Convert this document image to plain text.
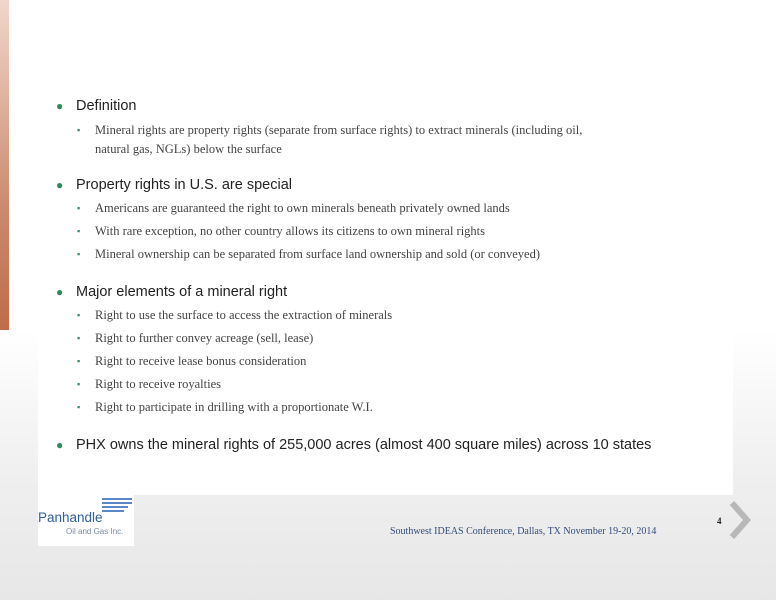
● Definition
▪	Mineral rights are property rights (separate from surface rights) to extract minerals (including oil,
natural gas, NGLs) below the surface
● Property rights in U.S. are special
▪	Americans are guaranteed the right to own minerals beneath privately owned lands
▪	With rare exception, no other country allows its citizens to own mineral rights
▪	Mineral ownership can be separated from surface land ownership and sold (or conveyed)
● Major elements of a mineral right
▪	Right to use the surface to access the extraction of minerals
▪	Right to further convey acreage (sell, lease)
▪	Right to receive lease bonus consideration
▪	Right to receive royalties
▪	Right to participate in drilling with a proportionate W.I.
● PHX owns the mineral rights of 255,000 acres (almost 400 square miles) across 10 states
Panhandle
Oil and Gas Inc.	Southwest IDEAS Conference, Dallas, TX November 19-20, 2014
4
